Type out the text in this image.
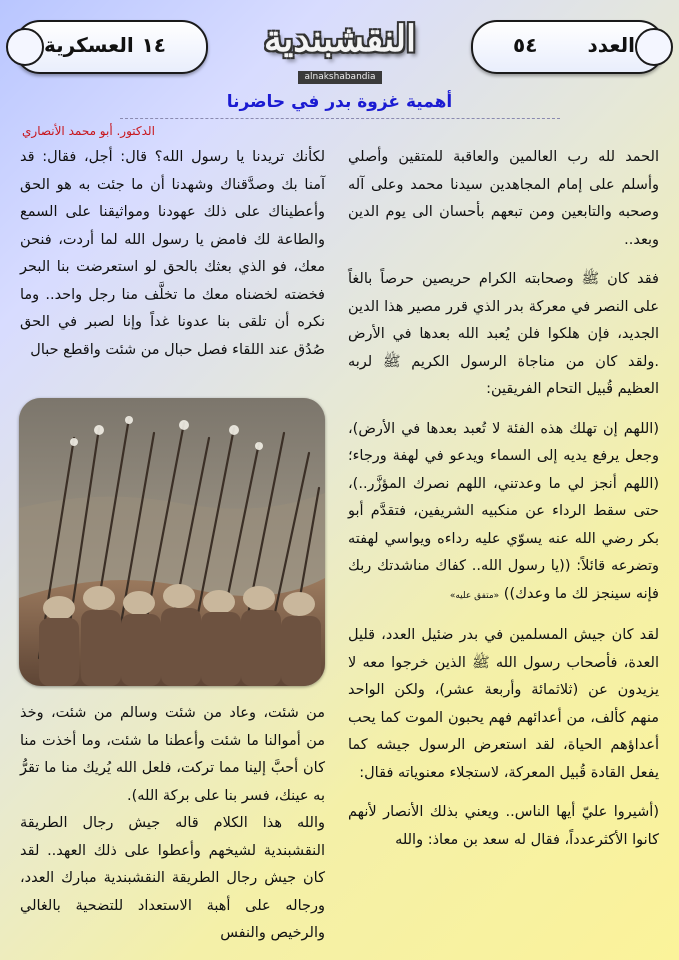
العسكرية ١٤	النقشبندية
alnakshabandia
العدد
٥٤
أهمية غزوة بدر في حاضرنا
الدكتور. أبو محمد الأنصاري

الحمد لله رب العالمين والعاقبة للمتقين وأصلي وأسلم على إمام المجاهدين سيدنا محمد وعلى آله وصحبه والتابعين ومن تبعهم بأحسان الى يوم الدين وبعد..

فقد كان ﷺ وصحابته الكرام حريصين حرصاً بالغاً على النصر في معركة بدر الذي قرر مصير هذا الدين الجديد، فإن هلكوا فلن يُعبد الله بعدها في الأرض .ولقد كان من مناجاة الرسول الكريم ﷺ لربه العظيم قُبيل التحام الفريقين:

(اللهم إن تهلك هذه الفئة لا تُعبد بعدها في الأرض)، وجعل يرفع يديه إلى السماء ويدعو في لهفة ورجاء؛ (اللهم أنجز لي ما وعدتني، اللهم نصرك المؤزَّر..)، حتى سقط الرداء عن منكبيه الشريفين، فتقدَّم أبو بكر رضي الله عنه يسوّي عليه رداءه ويواسي لهفته وتضرعه قائلاً: ((يا رسول الله.. كفاك مناشدتك ربك فإنه سينجز لك ما وعدك)) «متفق عليه»

لقد كان جيش المسلمين في بدر ضئيل العدد، قليل العدة، فأصحاب رسول الله ﷺ الذين خرجوا معه لا يزيدون عن (ثلاثمائة وأربعة عشر)، ولكن الواحد منهم كألف، من أعدائهم فهم يحبون الموت كما يحب أعداؤهم الحياة، لقد استعرض الرسول جيشه كما يفعل القادة قُبيل المعركة، لاستجلاء معنوياته فقال:

(أشيروا عليّ أيها الناس.. ويعني بذلك الأنصار لأنهم كانوا الأكثرعدداً، فقال له سعد بن معاذ: والله

لكأنك تريدنا يا رسول الله؟ قال: أجل، فقال: قد آمنا بك وصدَّقناك وشهدنا أن ما جئت به هو الحق وأعطيناك على ذلك عهودنا ومواثيقنا على السمع والطاعة لك فامض يا رسول الله لما أردت، فنحن معك، فو الذي بعثك بالحق لو استعرضت بنا البحر فخضته لخضناه معك ما تخلَّف منا رجل واحد.. وما نكره أن تلقى بنا عدونا غداً وإنا لصبر في الحق صُدُق عند اللقاء فصل حبال من شئت واقطع حبال

من شئت، وعاد من شئت وسالم من شئت، وخذ من أموالنا ما شئت وأعطنا ما شئت، وما أخذت منا كان أحبَّ إلينا مما تركت، فلعل الله يُريك منا ما تقرُّ به عينك، فسر بنا على بركة الله).

والله هذا الكلام قاله جيش رجال الطريقة النقشبندية لشيخهم وأعطوا على ذلك العهد.. لقد كان جيش رجال الطريقة النقشبندية مبارك العدد، ورجاله على أهبة الاستعداد للتضحية بالغالي والرخيص والنفس
